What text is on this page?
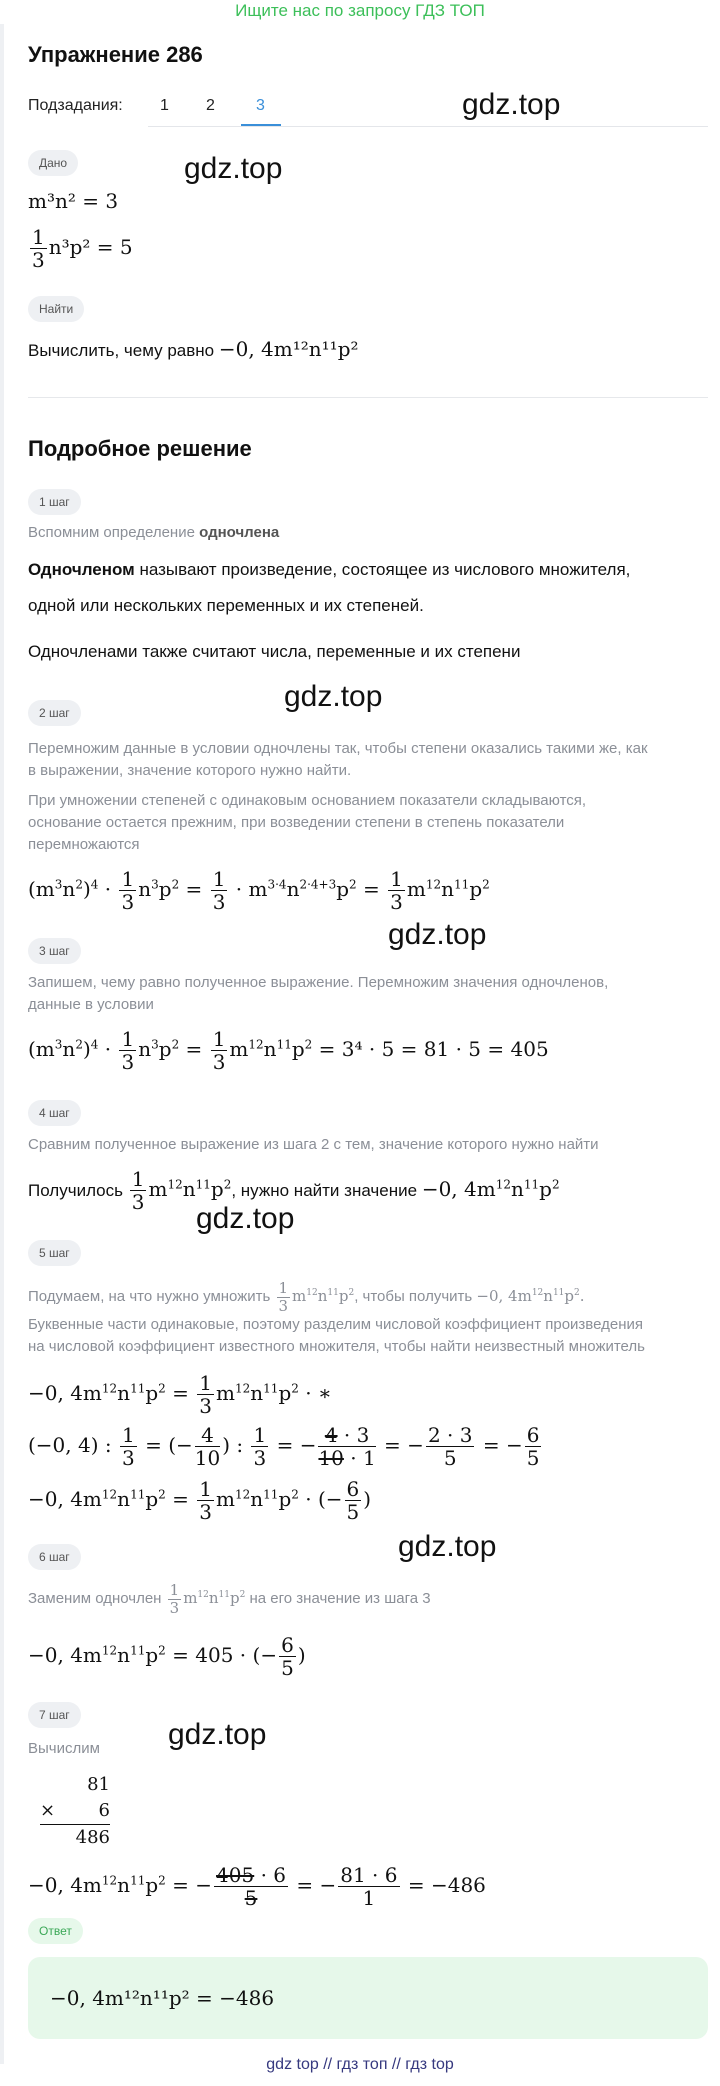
Ищите нас по запросу ГДЗ ТОП
Упражнение 286
Подзадания: 1 2	3	gdz.top
gdz.top
gdz.top
gdz.top
gdz.top
gdz.top
gdz.top
Дано
m³n² = 3
$\frac{1}{3} n^3p^2 = 5$
Найти
Вычислить, чему равно −0, 4m¹²n¹¹p²
Подробное решение
1 шаг
Вспомним определение одночлена
Одночленом называют произведение, состоящее из числового множителя,
одной или нескольких переменных и их степеней.
Одночленами также считают числа, переменные и их степени
2 шаг
Перемножим данные в условии одночлены так, чтобы степени оказались такими же, как
в выражении, значение которого нужно найти.
При умножении степеней с одинаковым основанием показатели складываются,
основание остается прежним, при возведении степени в степень показатели
перемножаются
$(m^3n^2)^4 \cdot \frac{1}{3} n^3p^2 = \frac{1}{3} \cdot m^{3\cdot 4}n^{2\cdot 4+3}p^2 = \frac{1}{3} m^{12}n^{11}p^2$
3 шаг
Запишем, чему равно полученное выражение. Перемножим значения одночленов,
данные в условии
$(m^3n^2)^4 \cdot \frac{1}{3} n^3p^2 = \frac{1}{3} m^{12}n^{11}p^2 = 3^4 \cdot 5 = 81 \cdot 5 = 405$
4 шаг
Сравним полученное выражение из шага 2 с тем, значение которого нужно найти
Получилось $\frac{1}{3} m^{12}n^{11}p^2$, нужно найти значение −0, $4m^{12}n^{11}p^2$
5 шаг
Подумаем, на что нужно умножить $\frac{1}{3} m^{12}n^{11}p^2$, чтобы получить −0, $4m^{12}n^{11}p^2$.
Буквенные части одинаковые, поэтому разделим числовой коэффициент произведения
на числовой коэффициент известного множителя, чтобы найти неизвестный множитель
−0, $4m^{12}n^{11}p^2 = \frac{1}{3} m^{12}n^{11}p^2$ · ∗
(−0, 4) : $\frac{1}{3}$ = (− $\frac{4}{10}$ ) : $\frac{1}{3}$ = − $\frac{4 \cdot 3}{10 \cdot 1}$ = − $\frac{2 \cdot 3}{5}$ = − $\frac{6}{5}$
−0, $4m^{12}n^{11}p^2 = \frac{1}{3} m^{12}n^{11}p^2$ · (− $\frac{6}{5}$ )
6 шаг
Заменим одночлен $\frac{1}{3} m^{12}n^{11}p^2$ на его значение из шага 3
−0, $4m^{12}n^{11}p^2 = 405$ · (− $\frac{6}{5}$ )
7 шаг
Вычислим
81
× 6
486
−0, $4m^{12}n^{11}p^2$ = − $\frac{405 \cdot 6}{5}$ = − $\frac{81 \cdot 6}{1} = -486$
Ответ
−0, 4m¹²n¹¹p² = −486
gdz top // гдз топ // гдз top
